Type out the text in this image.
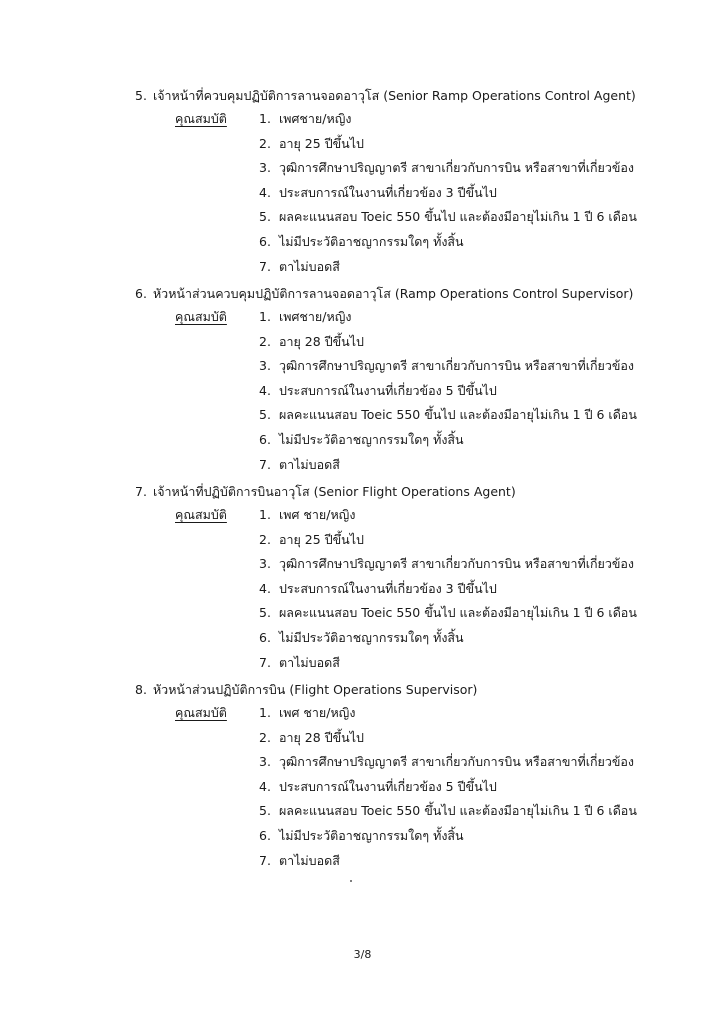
5. เจ้าหน้าที่ควบคุมปฏิบัติการลานจอดอาวุโส (Senior Ramp Operations Control Agent)
คุณสมบัติ	1. เพศชาย/หญิง
2. อายุ 25 ปีขึ้นไป
3. วุฒิการศึกษาปริญญาตรี สาขาเกี่ยวกับการบิน หรือสาขาที่เกี่ยวข้อง
4. ประสบการณ์ในงานที่เกี่ยวข้อง 3 ปีขึ้นไป
5. ผลคะแนนสอบ Toeic 550 ขึ้นไป และต้องมีอายุไม่เกิน 1 ปี 6 เดือน
6. ไม่มีประวัติอาชญากรรมใดๆ ทั้งสิ้น
7. ตาไม่บอดสี
6. หัวหน้าส่วนควบคุมปฏิบัติการลานจอดอาวุโส (Ramp Operations Control Supervisor)
คุณสมบัติ	1. เพศชาย/หญิง
2. อายุ 28 ปีขึ้นไป
3. วุฒิการศึกษาปริญญาตรี สาขาเกี่ยวกับการบิน หรือสาขาที่เกี่ยวข้อง
4. ประสบการณ์ในงานที่เกี่ยวข้อง 5 ปีขึ้นไป
5. ผลคะแนนสอบ Toeic 550 ขึ้นไป และต้องมีอายุไม่เกิน 1 ปี 6 เดือน
6. ไม่มีประวัติอาชญากรรมใดๆ ทั้งสิ้น
7. ตาไม่บอดสี
7. เจ้าหน้าที่ปฏิบัติการบินอาวุโส (Senior Flight Operations Agent)
คุณสมบัติ	1. เพศ ชาย/หญิง
2. อายุ 25 ปีขึ้นไป
3. วุฒิการศึกษาปริญญาตรี สาขาเกี่ยวกับการบิน หรือสาขาที่เกี่ยวข้อง
4. ประสบการณ์ในงานที่เกี่ยวข้อง 3 ปีขึ้นไป
5. ผลคะแนนสอบ Toeic 550 ขึ้นไป และต้องมีอายุไม่เกิน 1 ปี 6 เดือน
6. ไม่มีประวัติอาชญากรรมใดๆ ทั้งสิ้น
7. ตาไม่บอดสี
8. หัวหน้าส่วนปฏิบัติการบิน (Flight Operations Supervisor)
คุณสมบัติ	1. เพศ ชาย/หญิง
2. อายุ 28 ปีขึ้นไป
3. วุฒิการศึกษาปริญญาตรี สาขาเกี่ยวกับการบิน หรือสาขาที่เกี่ยวข้อง
4. ประสบการณ์ในงานที่เกี่ยวข้อง 5 ปีขึ้นไป
5. ผลคะแนนสอบ Toeic 550 ขึ้นไป และต้องมีอายุไม่เกิน 1 ปี 6 เดือน
6. ไม่มีประวัติอาชญากรรมใดๆ ทั้งสิ้น
7. ตาไม่บอดสี
3/8
